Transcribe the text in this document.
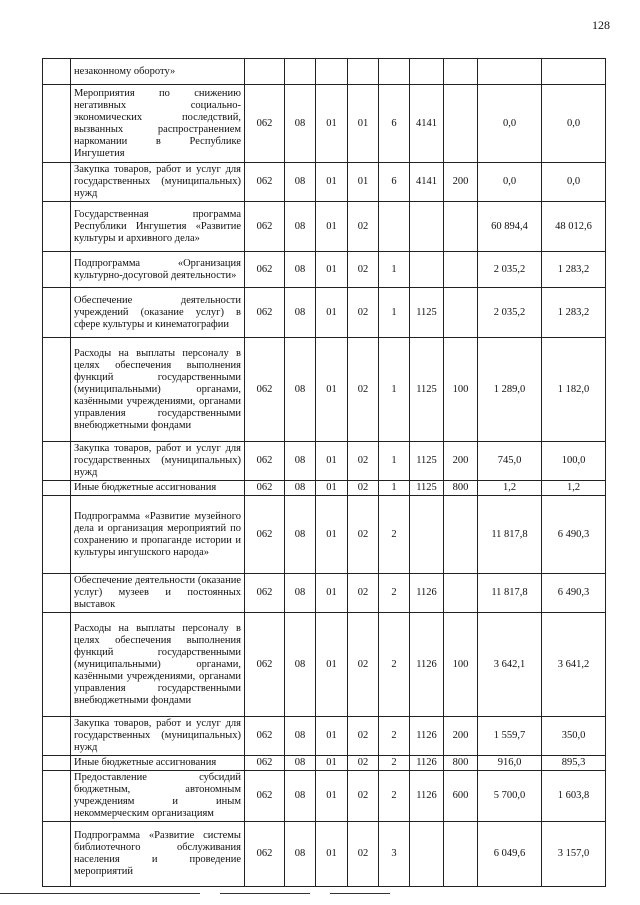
128
	незаконному обороту»									
	Мероприятия по снижению негативных социально-экономических последствий, вызванных распространением наркомании в Республике Ингушетия	062	08	01	01	6	4141		0,0	0,0
	Закупка товаров, работ и услуг для государственных (муниципальных) нужд	062	08	01	01	6	4141	200	0,0	0,0
	Государственная программа Республики Ингушетия «Развитие культуры и архивного дела»	062	08	01	02				60 894,4	48 012,6
	Подпрограмма «Организация культурно-досуговой деятельности»	062	08	01	02	1			2 035,2	1 283,2
	Обеспечение деятельности учреждений (оказание услуг) в сфере культуры и кинематографии	062	08	01	02	1	1125		2 035,2	1 283,2
	Расходы на выплаты персоналу в целях обеспечения выполнения функций государственными (муниципальными) органами, казёнными учреждениями, органами управления государственными внебюджетными фондами	062	08	01	02	1	1125	100	1 289,0	1 182,0
	Закупка товаров, работ и услуг для государственных (муниципальных) нужд	062	08	01	02	1	1125	200	745,0	100,0
	Иные бюджетные ассигнования	062	08	01	02	1	1125	800	1,2	1,2
	Подпрограмма «Развитие музейного дела и организация мероприятий по сохранению и пропаганде истории и культуры ингушского народа»	062	08	01	02	2			11 817,8	6 490,3
	Обеспечение деятельности (оказание услуг) музеев и постоянных выставок	062	08	01	02	2	1126		11 817,8	6 490,3
	Расходы на выплаты персоналу в целях обеспечения выполнения функций государственными (муниципальными) органами, казёнными учреждениями, органами управления государственными внебюджетными фондами	062	08	01	02	2	1126	100	3 642,1	3 641,2
	Закупка товаров, работ и услуг для государственных (муниципальных) нужд	062	08	01	02	2	1126	200	1 559,7	350,0
	Иные бюджетные ассигнования	062	08	01	02	2	1126	800	916,0	895,3
	Предоставление субсидий бюджетным, автономным учреждениям и иным некоммерческим организациям	062	08	01	02	2	1126	600	5 700,0	1 603,8
	Подпрограмма «Развитие системы библиотечного обслуживания населения и проведение мероприятий	062	08	01	02	3			6 049,6	3 157,0
